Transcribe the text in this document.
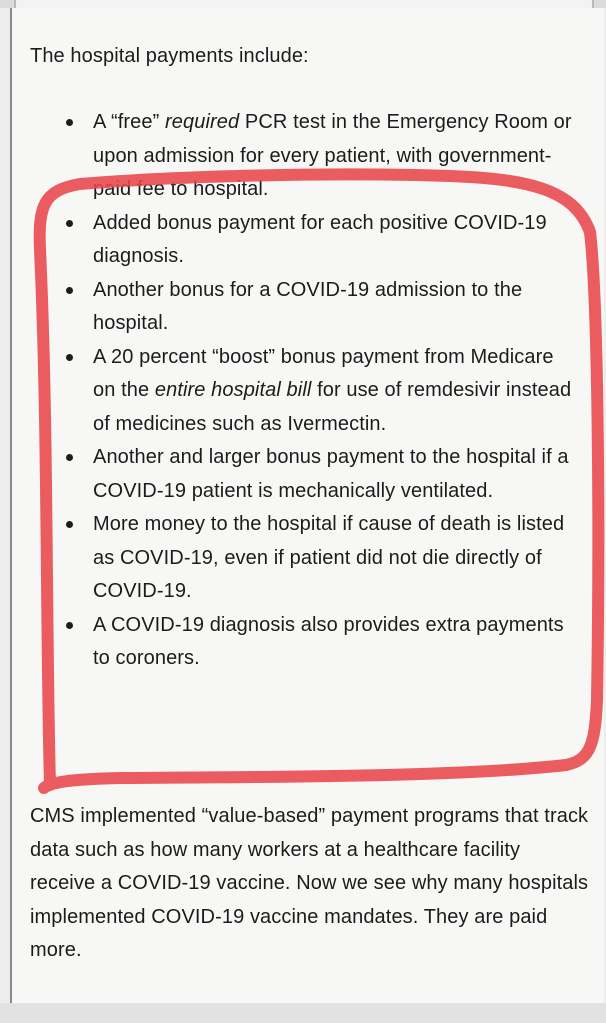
The hospital payments include:

A “free” required PCR test in the Emergency Room or upon admission for every patient, with government-paid fee to hospital.
Added bonus payment for each positive COVID-19 diagnosis.
Another bonus for a COVID-19 admission to the hospital.
A 20 percent “boost” bonus payment from Medicare on the entire hospital bill for use of remdesivir instead of medicines such as Ivermectin.
Another and larger bonus payment to the hospital if a COVID-19 patient is mechanically ventilated.
More money to the hospital if cause of death is listed as COVID-19, even if patient did not die directly of COVID-19.
A COVID-19 diagnosis also provides extra payments to coroners.

CMS implemented “value-based” payment programs that track data such as how many workers at a healthcare facility receive a COVID-19 vaccine. Now we see why many hospitals implemented COVID-19 vaccine mandates. They are paid more.
